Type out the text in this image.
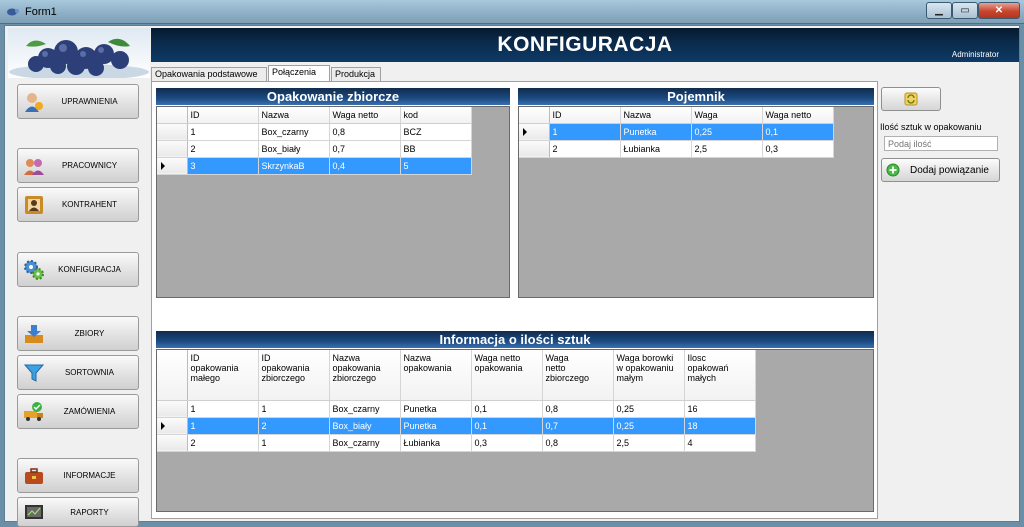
Form1	▁ ▭	✕
UPRAWNIENIA
PRACOWNICY
KONTRAHENT
KONFIGURACJA
ZBIORY
SORTOWNIA
ZAMÓWIENIA
INFORMACJE
RAPORTY
KONFIGURACJA	Administrator
Opakowania podstawowe	Połączenia	Produkcja
Opakowanie zbiorcze
	ID	Nazwa	Waga netto	kod
	1	Box_czarny	0,8	BCZ
	2	Box_biały	0,7	BB

	3	SkrzynkaB	0,4	5
Pojemnik
	ID	Nazwa	Waga	Waga netto

	1	Punetka	0,25	0,1
	2	Łubianka	2,5	0,3
Informacja o ilości sztuk
	ID
opakowania
małego	ID
opakowania
zbiorczego	Nazwa
opakowania
zbiorczego	Nazwa
opakowania	Waga netto
opakowania	Waga
netto
zbiorczego	Waga borowki
w opakowaniu
małym	Ilosc
opakowań
małych
	1	1	Box_czarny	Punetka	0,1	0,8	0,25	16

	1	2	Box_biały	Punetka	0,1	0,7	0,25	18
	2	1	Box_czarny	Łubianka	0,3	0,8	2,5	4
Ilość sztuk w opakowaniu
Podaj ilość
Dodaj powiązanie
